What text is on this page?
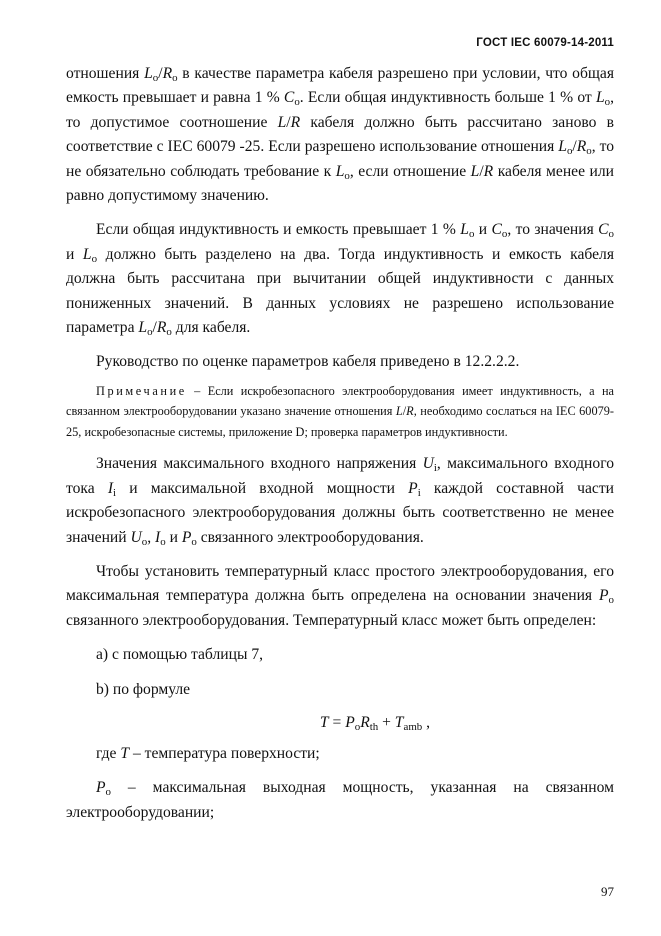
ГОСТ IEC 60079-14-2011

отношения $L_o/R_o$ в качестве параметра кабеля разрешено при условии, что общая емкость превышает и равна 1 % $C_o$. Если общая индуктивность больше 1 % от $L_o$, то допустимое соотношение L/R кабеля должно быть рассчитано заново в соответствие с IEC 60079 -25. Если разрешено использование отношения $L_o/R_o$, то не обязательно соблюдать требование к $L_o$, если отношение L/R кабеля менее или равно допустимому значению.

Если общая индуктивность и емкость превышает 1 % $L_o$ и $C_o$, то значения $C_o$ и $L_o$ должно быть разделено на два. Тогда индуктивность и емкость кабеля должна быть рассчитана при вычитании общей индуктивности с данных пониженных значений. В данных условиях не разрешено использование параметра $L_o/R_o$ для кабеля.

Руководство по оценке параметров кабеля приведено в 12.2.2.2.

Примечание – Если искробезопасного электрооборудования имеет индуктивность, а на связанном электрооборудовании указано значение отношения L/R, необходимо сослаться на IEC 60079-25, искробезопасные системы, приложение D; проверка параметров индуктивности.

Значения максимального входного напряжения $U_i$, максимального входного тока $I_i$ и максимальной входной мощности $P_i$ каждой составной части искробезопасного электрооборудования должны быть соответственно не менее значений $U_o$, $I_o$ и $P_o$ связанного электрооборудования.

Чтобы установить температурный класс простого электрооборудования, его максимальная температура должна быть определена на основании значения $P_o$ связанного электрооборудования. Температурный класс может быть определен:

a) с помощью таблицы 7,

b) по формуле

$T = P_oR_{th} + T_{amb}$ ,

где T – температура поверхности;

$P_o$ – максимальная выходная мощность, указанная на связанном электрооборудовании;

97
